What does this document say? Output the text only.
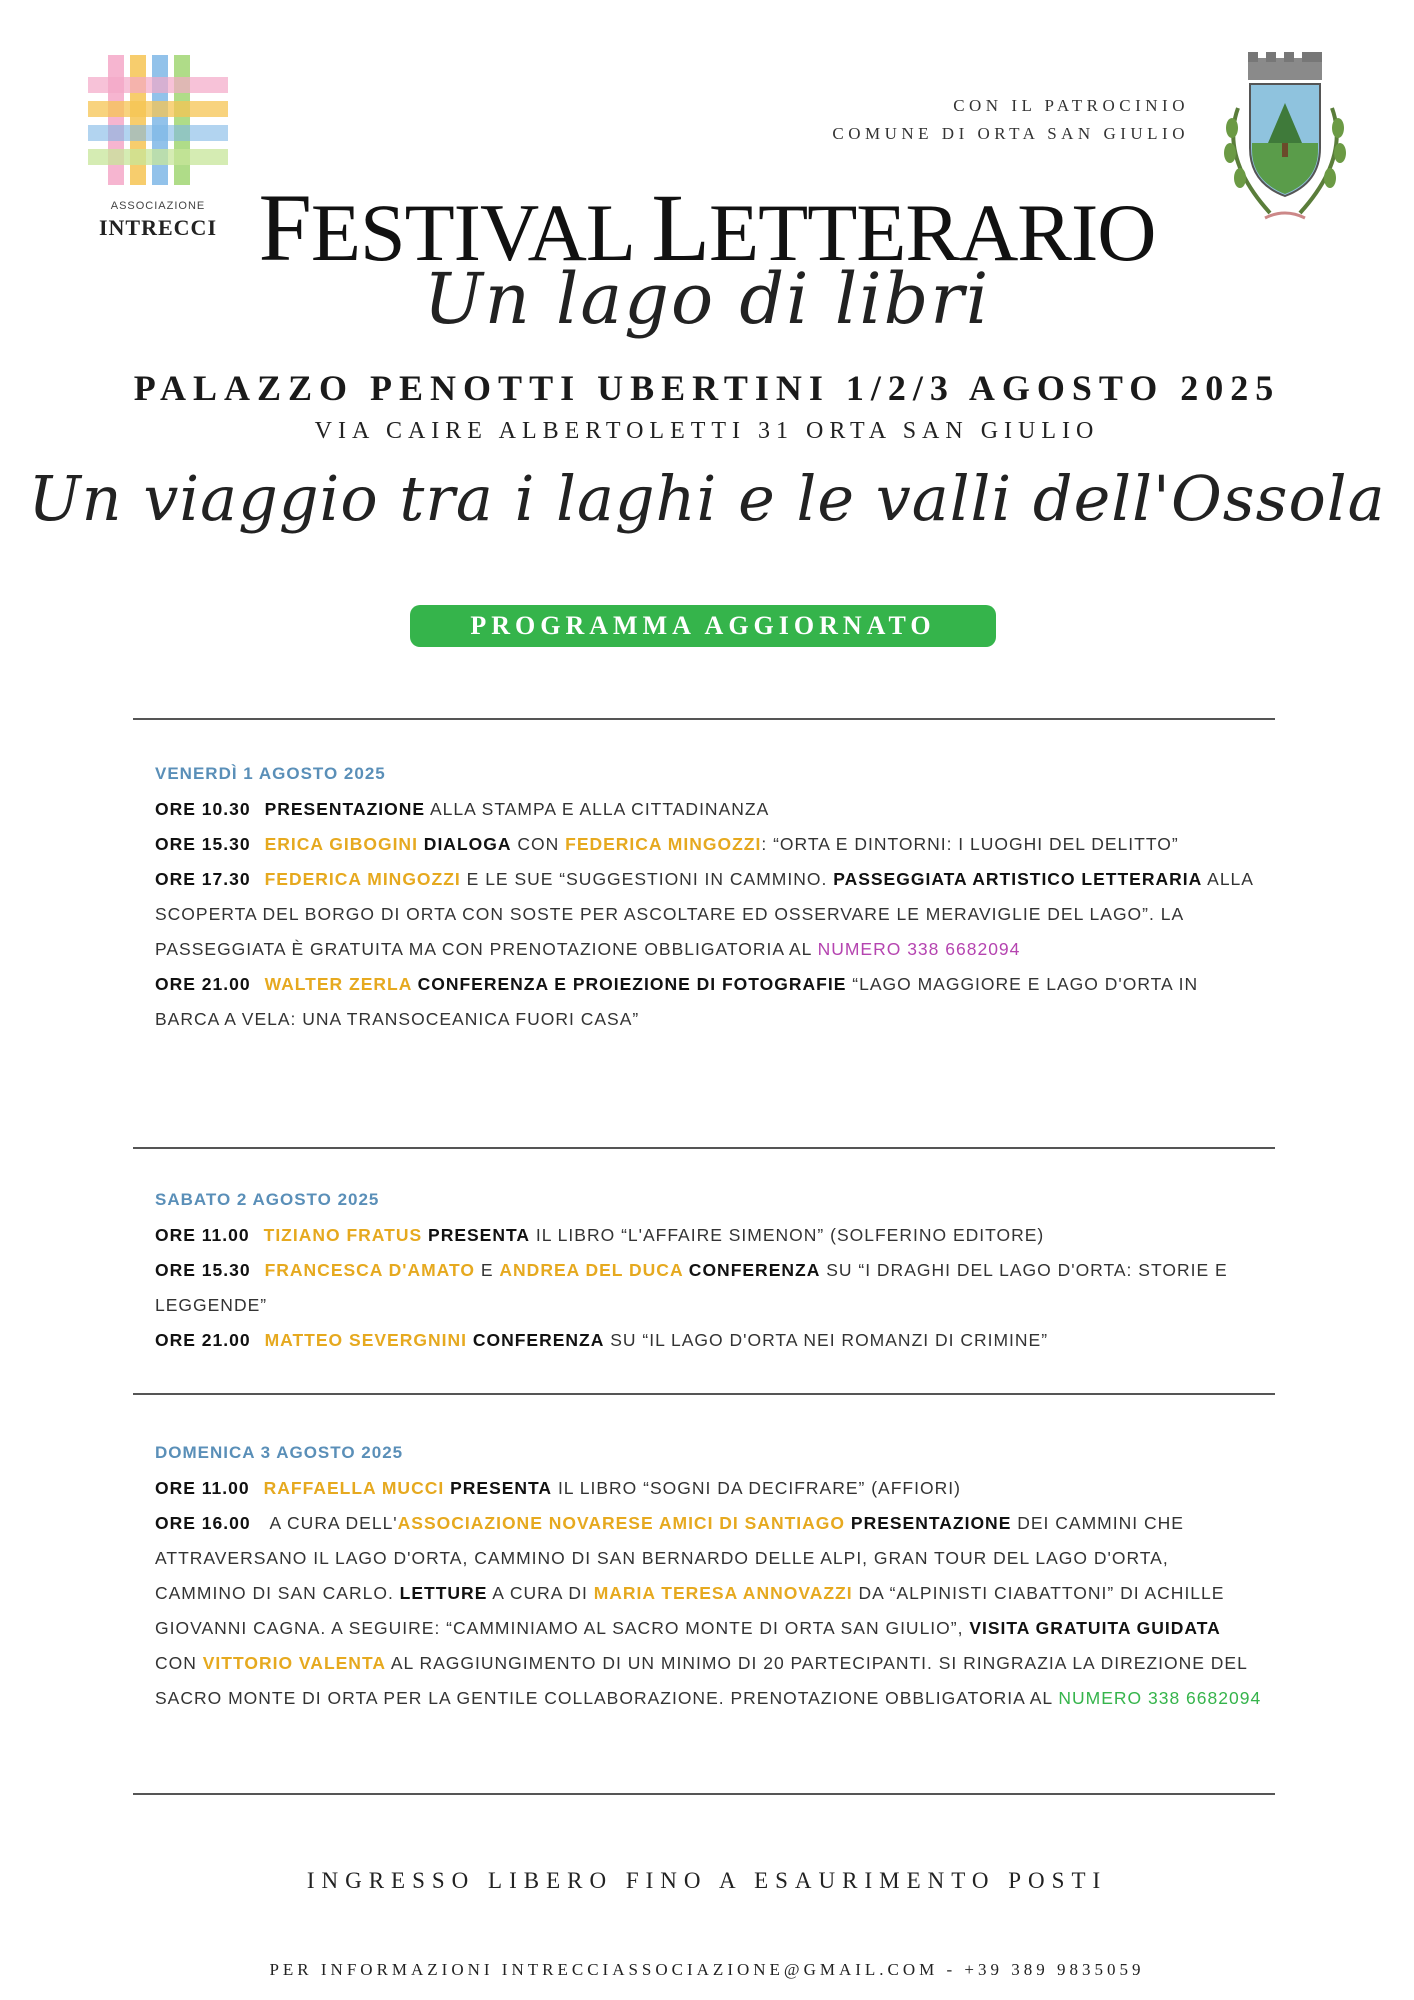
ASSOCIAZIONE
INTRECCI
CON IL PATROCINIO
COMUNE DI ORTA SAN GIULIO
FESTIVAL LETTERARIO
Un lago di libri
PALAZZO PENOTTI UBERTINI 1/2/3 AGOSTO 2025
VIA CAIRE ALBERTOLETTI 31 ORTA SAN GIULIO
Un viaggio tra i laghi e le valli dell'Ossola
PROGRAMMA AGGIORNATO
VENERDÌ 1 AGOSTO 2025

ORE 10.30 PRESENTAZIONE ALLA STAMPA E ALLA CITTADINANZA

ORE 15.30 ERICA GIBOGINI DIALOGA CON FEDERICA MINGOZZI: “ORTA E DINTORNI: I LUOGHI DEL DELITTO”

ORE 17.30 FEDERICA MINGOZZI E LE SUE “SUGGESTIONI IN CAMMINO. PASSEGGIATA ARTISTICO LETTERARIA ALLA SCOPERTA DEL BORGO DI ORTA CON SOSTE PER ASCOLTARE ED OSSERVARE LE MERAVIGLIE DEL LAGO”. LA PASSEGGIATA È GRATUITA MA CON PRENOTAZIONE OBBLIGATORIA AL NUMERO 338 6682094

ORE 21.00 WALTER ZERLA CONFERENZA E PROIEZIONE DI FOTOGRAFIE “LAGO MAGGIORE E LAGO D'ORTA IN BARCA A VELA: UNA TRANSOCEANICA FUORI CASA”

SABATO 2 AGOSTO 2025

ORE 11.00 TIZIANO FRATUS PRESENTA IL LIBRO “L'AFFAIRE SIMENON” (SOLFERINO EDITORE)

ORE 15.30 FRANCESCA D'AMATO E ANDREA DEL DUCA CONFERENZA SU “I DRAGHI DEL LAGO D'ORTA: STORIE E LEGGENDE”

ORE 21.00 MATTEO SEVERGNINI CONFERENZA SU “IL LAGO D'ORTA NEI ROMANZI DI CRIMINE”

DOMENICA 3 AGOSTO 2025

ORE 11.00 RAFFAELLA MUCCI PRESENTA IL LIBRO “SOGNI DA DECIFRARE” (AFFIORI)

ORE 16.00 A CURA DELL'ASSOCIAZIONE NOVARESE AMICI DI SANTIAGO PRESENTAZIONE DEI CAMMINI CHE ATTRAVERSANO IL LAGO D'ORTA, CAMMINO DI SAN BERNARDO DELLE ALPI, GRAN TOUR DEL LAGO D'ORTA, CAMMINO DI SAN CARLO. LETTURE A CURA DI MARIA TERESA ANNOVAZZI DA “ALPINISTI CIABATTONI” DI ACHILLE GIOVANNI CAGNA. A SEGUIRE: “CAMMINIAMO AL SACRO MONTE DI ORTA SAN GIULIO”, VISITA GRATUITA GUIDATA CON VITTORIO VALENTA AL RAGGIUNGIMENTO DI UN MINIMO DI 20 PARTECIPANTI. SI RINGRAZIA LA DIREZIONE DEL SACRO MONTE DI ORTA PER LA GENTILE COLLABORAZIONE. PRENOTAZIONE OBBLIGATORIA AL NUMERO 338 6682094

INGRESSO LIBERO FINO A ESAURIMENTO POSTI
PER INFORMAZIONI INTRECCIASSOCIAZIONE@GMAIL.COM - +39 389 9835059
